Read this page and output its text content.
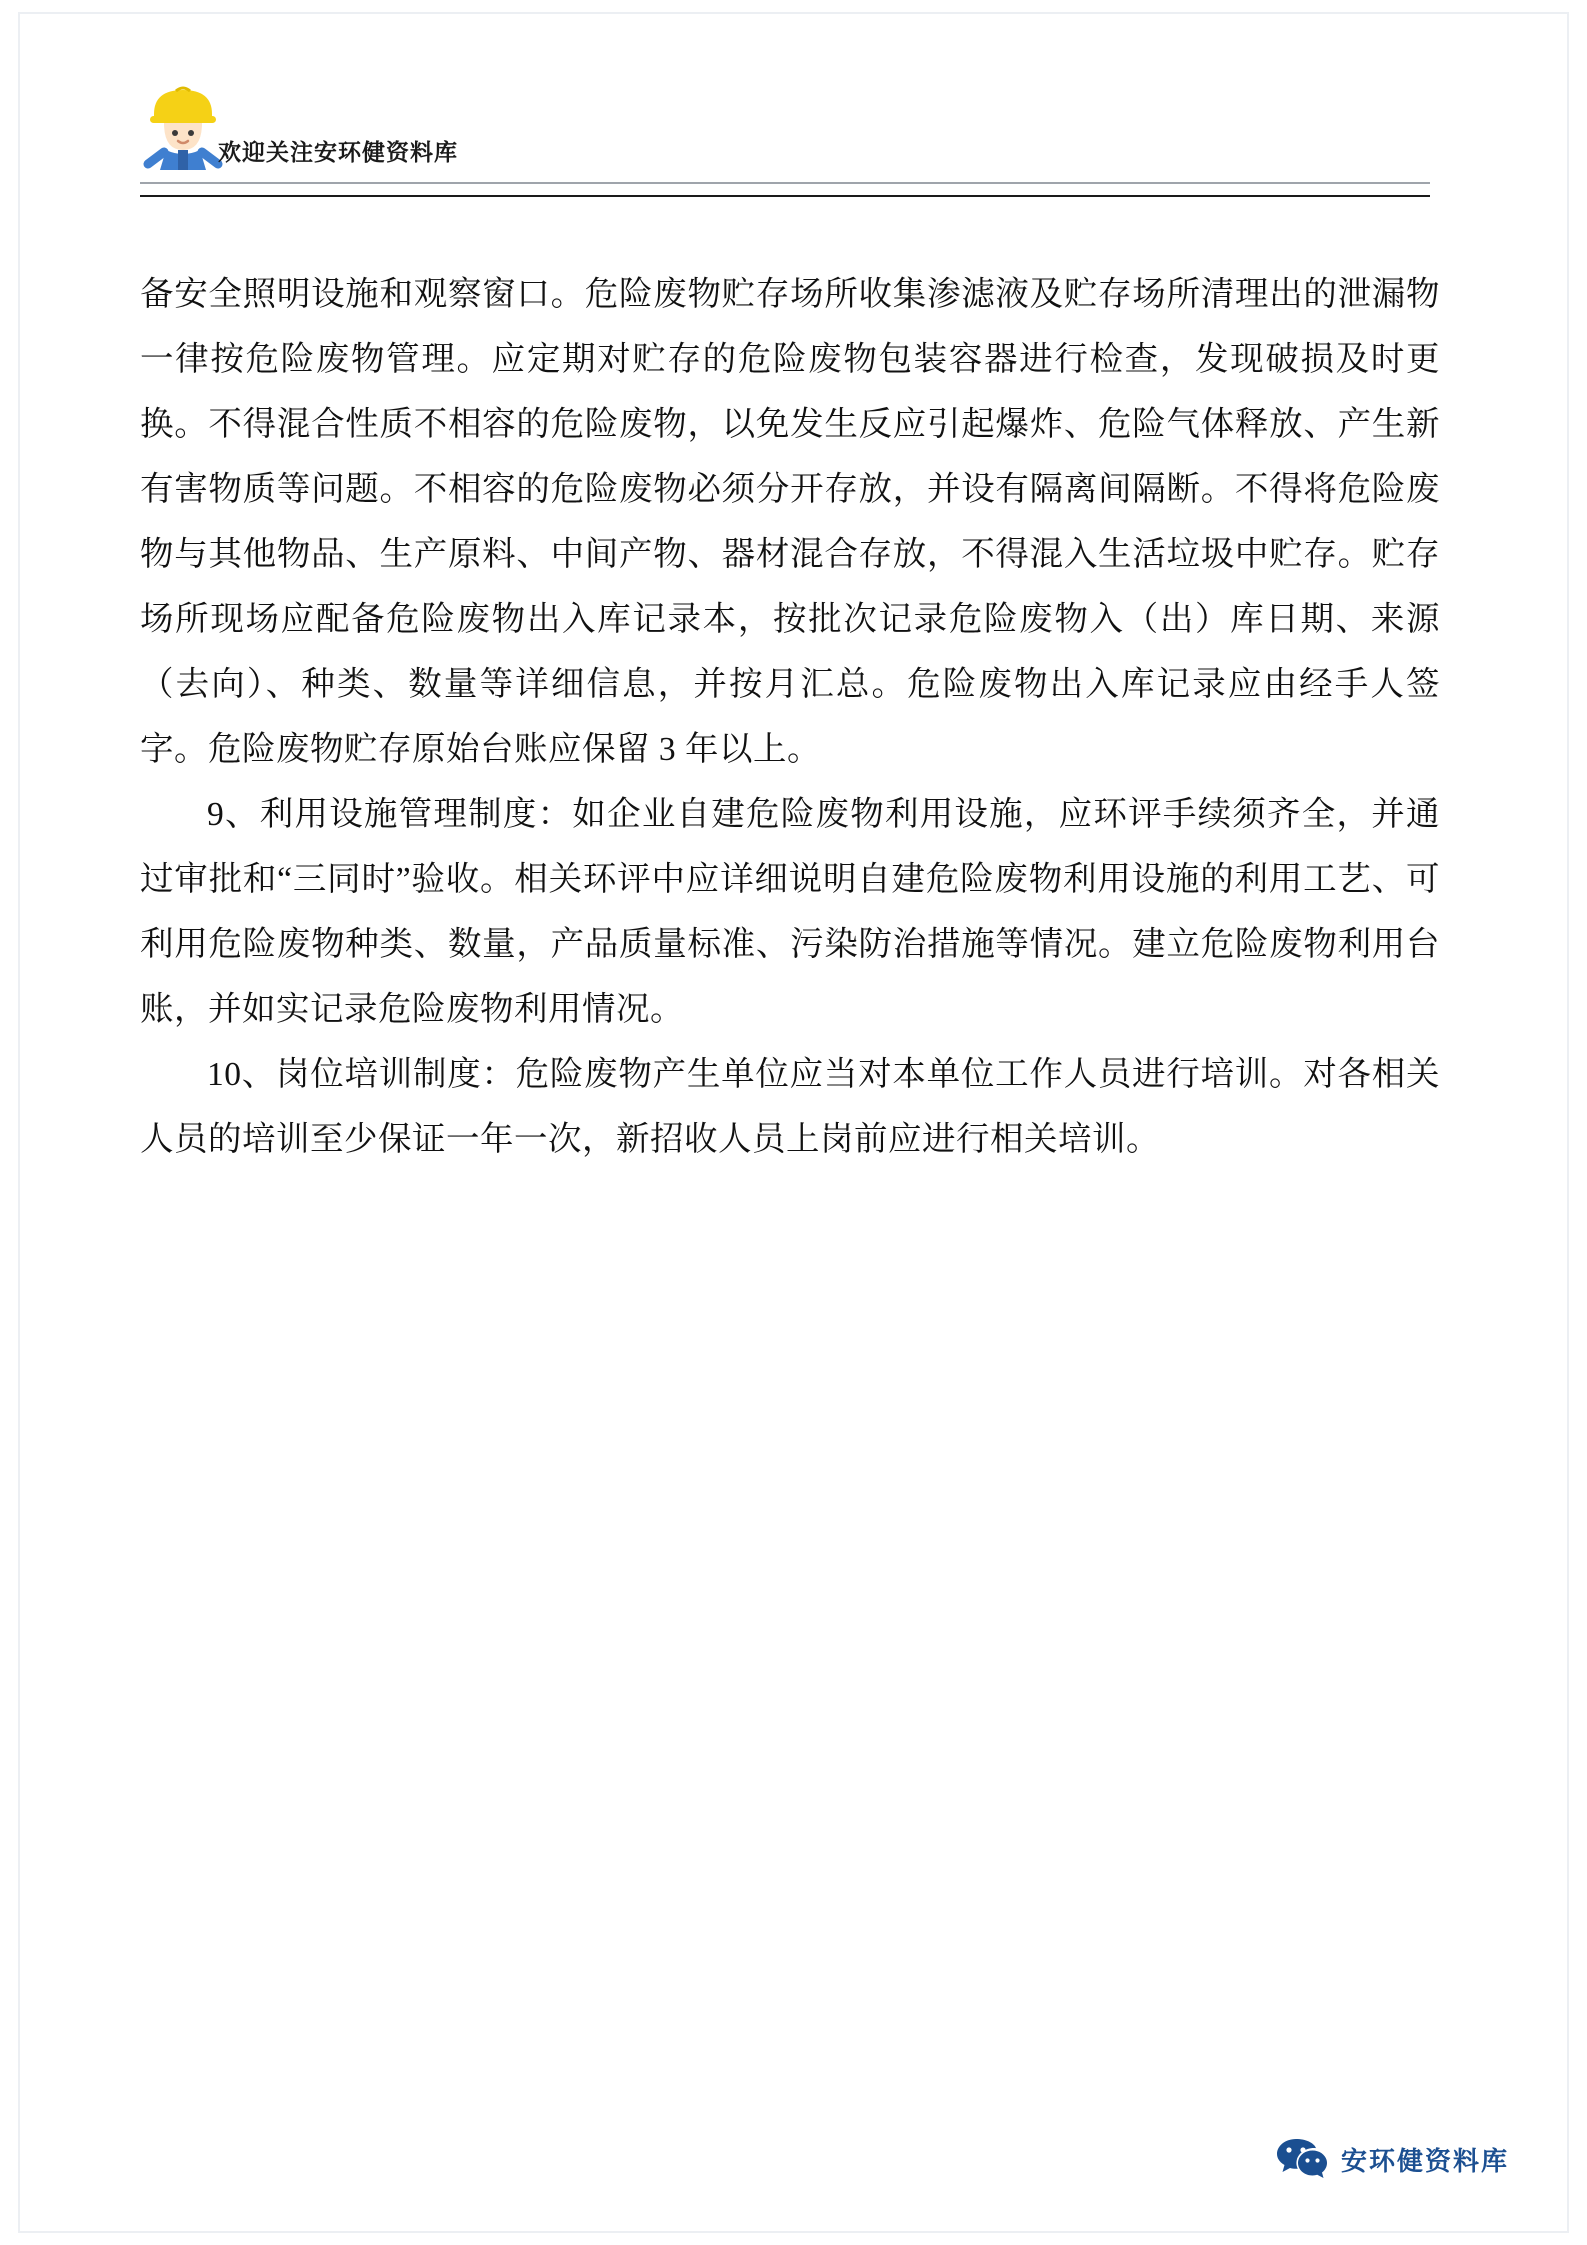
欢迎关注安环健资料库

备安全照明设施和观察窗口。危险废物贮存场所收集渗滤液及贮存场所清理出的泄漏物一律按危险废物管理。应定期对贮存的危险废物包装容器进行检查，发现破损及时更换。不得混合性质不相容的危险废物，以免发生反应引起爆炸、危险气体释放、产生新有害物质等问题。不相容的危险废物必须分开存放，并设有隔离间隔断。不得将危险废物与其他物品、生产原料、中间产物、器材混合存放，不得混入生活垃圾中贮存。贮存场所现场应配备危险废物出入库记录本，按批次记录危险废物入（出）库日期、来源（去向）、种类、数量等详细信息，并按月汇总。危险废物出入库记录应由经手人签字。危险废物贮存原始台账应保留 3 年以上。

9、利用设施管理制度：如企业自建危险废物利用设施，应环评手续须齐全，并通过审批和“三同时”验收。相关环评中应详细说明自建危险废物利用设施的利用工艺、可利用危险废物种类、数量，产品质量标准、污染防治措施等情况。建立危险废物利用台账，并如实记录危险废物利用情况。

10、岗位培训制度：危险废物产生单位应当对本单位工作人员进行培训。对各相关人员的培训至少保证一年一次，新招收人员上岗前应进行相关培训。

安环健资料库
